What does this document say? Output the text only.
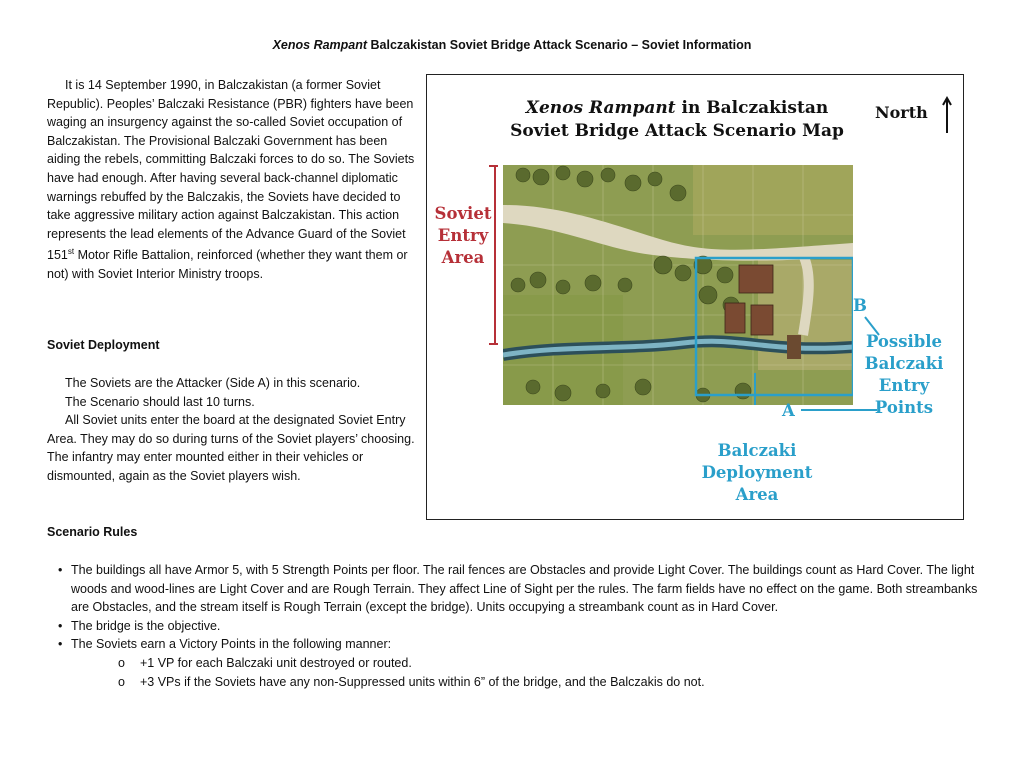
Xenos Rampant Balczakistan Soviet Bridge Attack Scenario – Soviet Information

It is 14 September 1990, in Balczakistan (a former Soviet Republic). Peoples’ Balczaki Resistance (PBR) fighters have been waging an insurgency against the so-called Soviet occupation of Balczakistan. The Provisional Balczaki Government has been aiding the rebels, committing Balczaki forces to do so. The Soviets have had enough. After having several back-channel diplomatic warnings rebuffed by the Balczakis, the Soviets have decided to take aggressive military action against Balczakistan. This action represents the lead elements of the Advance Guard of the Soviet 151st Motor Rifle Battalion, reinforced (whether they want them or not) with Soviet Interior Ministry troops.

Soviet Deployment

The Soviets are the Attacker (Side A) in this scenario.

The Scenario should last 10 turns.

All Soviet units enter the board at the designated Soviet Entry Area. They may do so during turns of the Soviet players’ choosing. The infantry may enter mounted either in their vehicles or dismounted, again as the Soviet players wish.

Scenario Rules
• The buildings all have Armor 5, with 5 Strength Points per floor. The rail fences are Obstacles and provide Light Cover. The buildings count as Hard Cover. The light woods and wood-lines are Light Cover and are Rough Terrain. They affect Line of Sight per the rules. The farm fields have no effect on the game. Both streambanks are Obstacles, and the stream itself is Rough Terrain (except the bridge). Units occupying a streambank count as in Hard Cover.
• The bridge is the objective.
• The Soviets earn a Victory Points in the following manner:
o +1 VP for each Balczaki unit destroyed or routed.
o +3 VPs if the Soviets have any non-Suppressed units within 6” of the bridge, and the Balczakis do not.
Xenos Rampant in Balczakistan
Soviet Bridge Attack Scenario Map
North
Soviet
Entry
Area
B
Possible
Balczaki
Entry
Points
A
Balczaki
Deployment
Area
